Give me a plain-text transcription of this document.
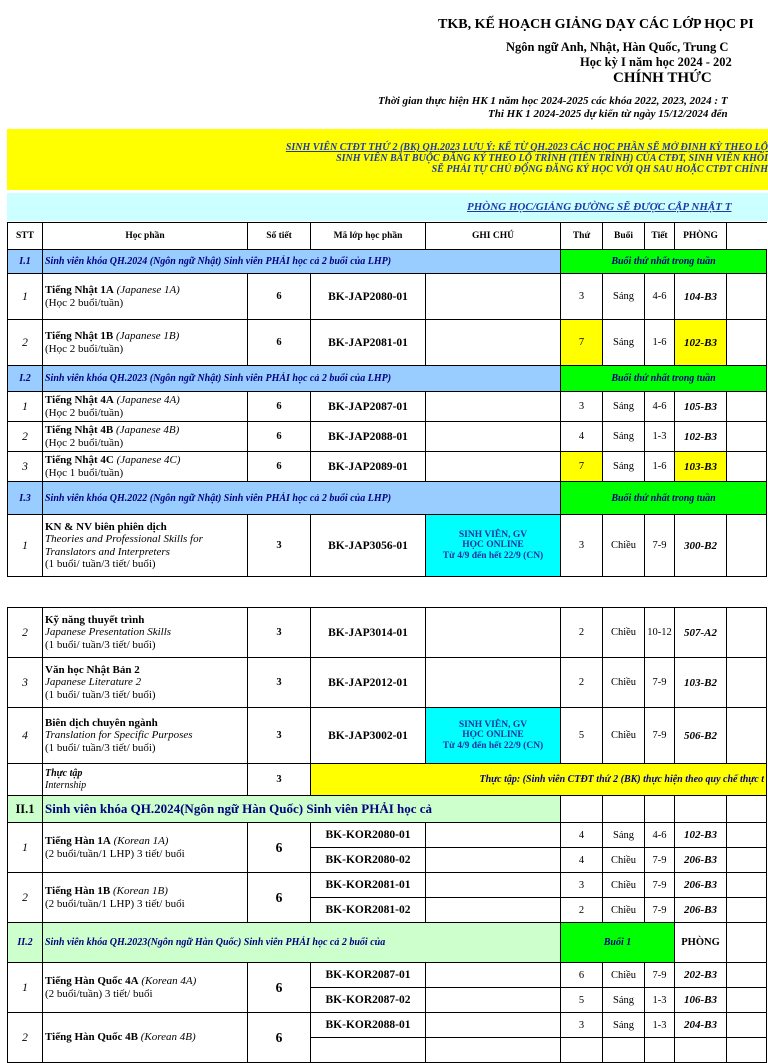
TKB, KẾ HOẠCH GIẢNG DẠY CÁC LỚP HỌC PI
Ngôn ngữ Anh, Nhật, Hàn Quốc, Trung C
Học kỳ I năm học 2024 - 202
CHÍNH THỨC
Thời gian thực hiện HK 1 năm học 2024-2025 các khóa 2022, 2023, 2024 : T
Thi HK 1 2024-2025 dự kiến từ ngày 15/12/2024 đến
SINH VIÊN CTĐT THỨ 2 (BK) QH.2023 LƯU Ý: KỂ TỪ QH.2023 CÁC HỌC PHẦN SẼ MỞ ĐỊNH KỲ THEO LỘ
SINH VIÊN BẮT BUỘC ĐĂNG KÝ THEO LỘ TRÌNH (TIẾN TRÌNH) CỦA CTĐT, SINH VIÊN KHÔI
SẼ PHẢI TỰ CHỦ ĐỘNG ĐĂNG KÝ HỌC VỚI QH SAU HOẶC CTĐT CHÍNH
PHÒNG HỌC/GIẢNG ĐƯỜNG SẼ ĐƯỢC CẬP NHẬT T
STT	Học phần	Số tiết	Mã lớp học phần	GHI CHÚ	Thứ	Buổi	Tiết	PHÒNG	
I.1	Sinh viên khóa QH.2024 (Ngôn ngữ Nhật) Sinh viên PHẢI học cả 2 buổi của LHP)				Buổi thứ nhất trong tuần				
1	Tiếng Nhật 1A (Japanese 1A)
(Học 2 buổi/tuần)	6	BK-JAP2080-01		3	Sáng	4-6	104-B3	
2	Tiếng Nhật 1B (Japanese 1B)
(Học 2 buổi/tuần)	6	BK-JAP2081-01		7	Sáng	1-6	102-B3	
I.2	Sinh viên khóa QH.2023 (Ngôn ngữ Nhật) Sinh viên PHẢI học cả 2 buổi của LHP)				Buổi thứ nhất trong tuần				
1	Tiếng Nhật 4A (Japanese 4A)
(Học 2 buổi/tuần)	6	BK-JAP2087-01		3	Sáng	4-6	105-B3	
2	Tiếng Nhật 4B (Japanese 4B)
(Học 2 buổi/tuần)	6	BK-JAP2088-01		4	Sáng	1-3	102-B3	
3	Tiếng Nhật 4C (Japanese 4C)
(Học 1 buổi/tuần)	6	BK-JAP2089-01		7	Sáng	1-6	103-B3	
I.3	Sinh viên khóa QH.2022 (Ngôn ngữ Nhật) Sinh viên PHẢI học cả 2 buổi của LHP)				Buổi thứ nhất trong tuần				
1	KN & NV biên phiên dịch
Theories and Professional Skills for
Translators and Interpreters
(1 buổi/ tuần/3 tiết/ buổi)	3	BK-JAP3056-01	SINH VIÊN, GV
HỌC ONLINE
Từ 4/9 đến hết 22/9 (CN)	3	Chiều	7-9	300-B2	
2	Kỹ năng thuyết trình
Japanese Presentation Skills
(1 buổi/ tuần/3 tiết/ buổi)	3	BK-JAP3014-01		2	Chiều	10-12	507-A2	
3	Văn học Nhật Bản 2
Japanese Literature 2
(1 buổi/ tuần/3 tiết/ buổi)	3	BK-JAP2012-01		2	Chiều	7-9	103-B2	
4	Biên dịch chuyên ngành
Translation for Specific Purposes
(1 buổi/ tuần/3 tiết/ buổi)	3	BK-JAP3002-01	SINH VIÊN, GV
HỌC ONLINE
Từ 4/9 đến hết 22/9 (CN)	5	Chiều	7-9	506-B2	
	Thực tập
Internship	3	Thực tập: (Sinh viên CTĐT thứ 2 (BK) thực hiện theo quy chế thực t						
II.1	Sinh viên khóa QH.2024(Ngôn ngữ Hàn Quốc) Sinh viên PHẢI học cả								
1	Tiếng Hàn 1A (Korean 1A)
(2 buổi/tuần/1 LHP) 3 tiết/ buổi	6	BK-KOR2080-01		4	Sáng	4-6	102-B3	
			BK-KOR2080-02		4	Chiều	7-9	206-B3	
2	Tiếng Hàn 1B (Korean 1B)
(2 buổi/tuần/1 LHP) 3 tiết/ buổi	6	BK-KOR2081-01		3	Chiều	7-9	206-B3	
			BK-KOR2081-02		2	Chiều	7-9	206-B3	
II.2	Sinh viên khóa QH.2023(Ngôn ngữ Hàn Quốc) Sinh viên PHẢI học cả 2 buổi của				Buổi 1			PHÒNG	
1	Tiếng Hàn Quốc 4A (Korean 4A)
(2 buổi/tuần) 3 tiết/ buổi	6	BK-KOR2087-01		6	Chiều	7-9	202-B3	
			BK-KOR2087-02		5	Sáng	1-3	106-B3	
2	Tiếng Hàn Quốc 4B (Korean 4B)	6	BK-KOR2088-01		3	Sáng	1-3	204-B3	
